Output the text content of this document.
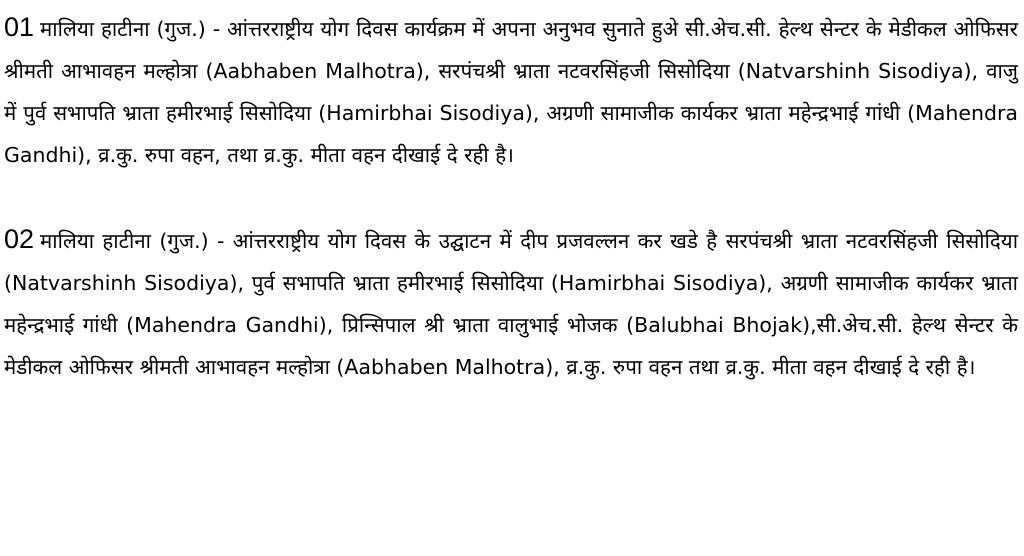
01 मालिया हाटीना (गुज.) - आंत्तरराष्ट्रीय योग दिवस कार्यक्रम में अपना अनुभव सुनाते हुअे सी.अेच.सी. हेल्थ सेन्टर के मेडीकल ओफिसर श्रीमती आभावहन मल्होत्रा (Aabhaben Malhotra), सरपंचश्री भ्राता नटवरसिंहजी सिसोदिया (Natvarshinh Sisodiya), वाजु में पुर्व सभापति भ्राता हमीरभाई सिसोदिया (Hamirbhai Sisodiya), अग्रणी सामाजीक कार्यकर भ्राता महेन्द्रभाई गांधी (Mahendra Gandhi), व्र.कु. रुपा वहन, तथा व्र.कु. मीता वहन दीखाई दे रही है।

02 मालिया हाटीना (गुज.) - आंत्तरराष्ट्रीय योग दिवस के उद्घाटन में दीप प्रजवल्लन कर खडे है सरपंचश्री भ्राता नटवरसिंहजी सिसोदिया (Natvarshinh Sisodiya), पुर्व सभापति भ्राता हमीरभाई सिसोदिया (Hamirbhai Sisodiya), अग्रणी सामाजीक कार्यकर भ्राता महेन्द्रभाई गांधी (Mahendra Gandhi), प्रिन्सिपाल श्री भ्राता वालुभाई भोजक (Balubhai Bhojak),सी.अेच.सी. हेल्थ सेन्टर के मेडीकल ओफिसर श्रीमती आभावहन मल्होत्रा (Aabhaben Malhotra), व्र.कु. रुपा वहन तथा व्र.कु. मीता वहन दीखाई दे रही है।
